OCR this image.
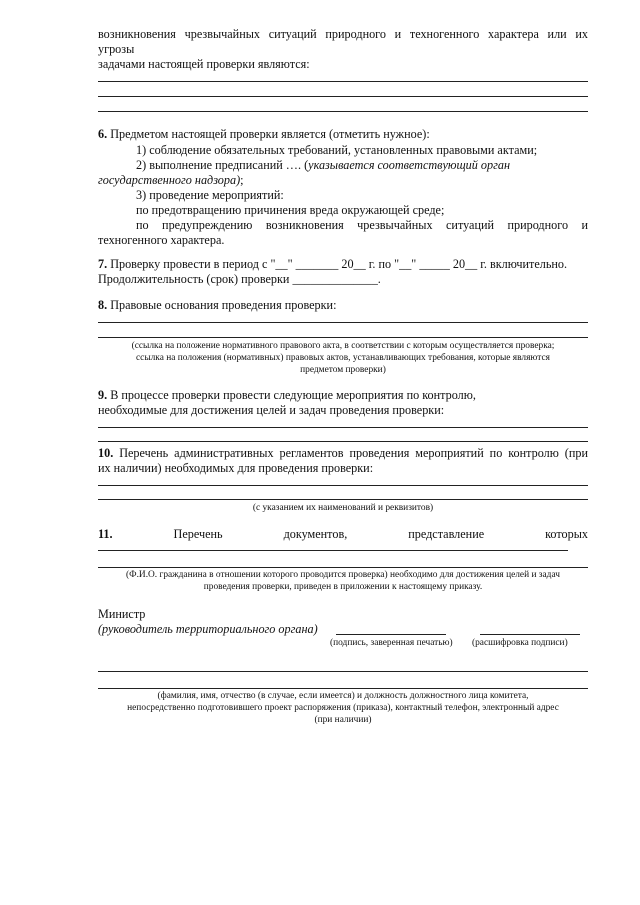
возникновения чрезвычайных ситуаций природного и техногенного характера или их
угрозы
задачами настоящей проверки являются:
6. Предметом настоящей проверки является (отметить нужное):
1) соблюдение обязательных требований, установленных правовыми актами;
2) выполнение предписаний …. (указывается соответствующий орган
государственного надзора);
3) проведение мероприятий:
по предотвращению причинения вреда окружающей среде;
по предупреждению возникновения чрезвычайных ситуаций природного и
техногенного характера.
7. Проверку провести в период с "__" _______ 20__ г. по "__" _____ 20__ г. включительно.
Продолжительность (срок) проверки ______________.
8. Правовые основания проведения проверки:
(ссылка на положение нормативного правового акта, в соответствии с которым осуществляется проверка;
ссылка на положения (нормативных) правовых актов, устанавливающих требования, которые являются
предметом проверки)
9. В процессе проверки провести следующие мероприятия по контролю,
необходимые для достижения целей и задач проведения проверки:
10. Перечень административных регламентов проведения мероприятий по контролю (при
их наличии) необходимых для проведения проверки:
(с указанием их наименований и реквизитов)
11.	Перечень	документов,	представление	которых
(Ф.И.О. гражданина в отношении которого проводится проверка) необходимо для достижения целей и задач
проведения проверки, приведен в приложении к настоящему приказу.
Министр
(руководитель территориального органа)
(подпись, заверенная печатью) (расшифровка подписи)
(фамилия, имя, отчество (в случае, если имеется) и должность должностного лица комитета,
непосредственно подготовившего проект распоряжения (приказа), контактный телефон, электронный адрес
(при наличии)
